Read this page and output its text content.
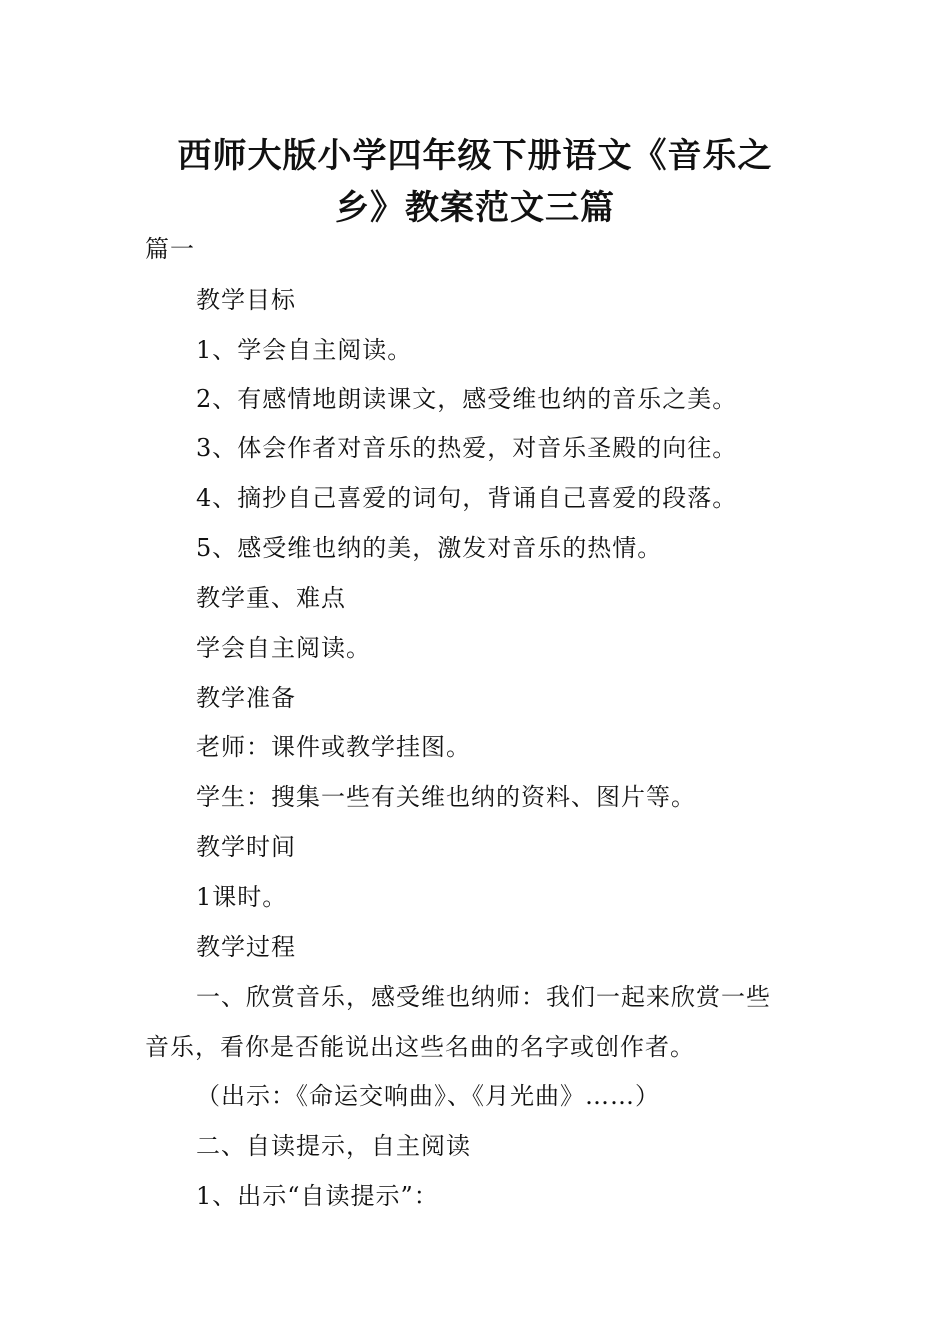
西师大版小学四年级下册语文《音乐之
乡》教案范文三篇

篇一

教学目标

1、学会自主阅读。

2、有感情地朗读课文，感受维也纳的音乐之美。

3、体会作者对音乐的热爱，对音乐圣殿的向往。

4、摘抄自己喜爱的词句，背诵自己喜爱的段落。

5、感受维也纳的美，激发对音乐的热情。

教学重、难点

学会自主阅读。

教学准备

老师：课件或教学挂图。

学生：搜集一些有关维也纳的资料、图片等。

教学时间

1课时。

教学过程

一、欣赏音乐，感受维也纳师：我们一起来欣赏一些

音乐，看你是否能说出这些名曲的名字或创作者。

（出示：《命运交响曲》、《月光曲》……）

二、自读提示，自主阅读

1、出示“自读提示”：
